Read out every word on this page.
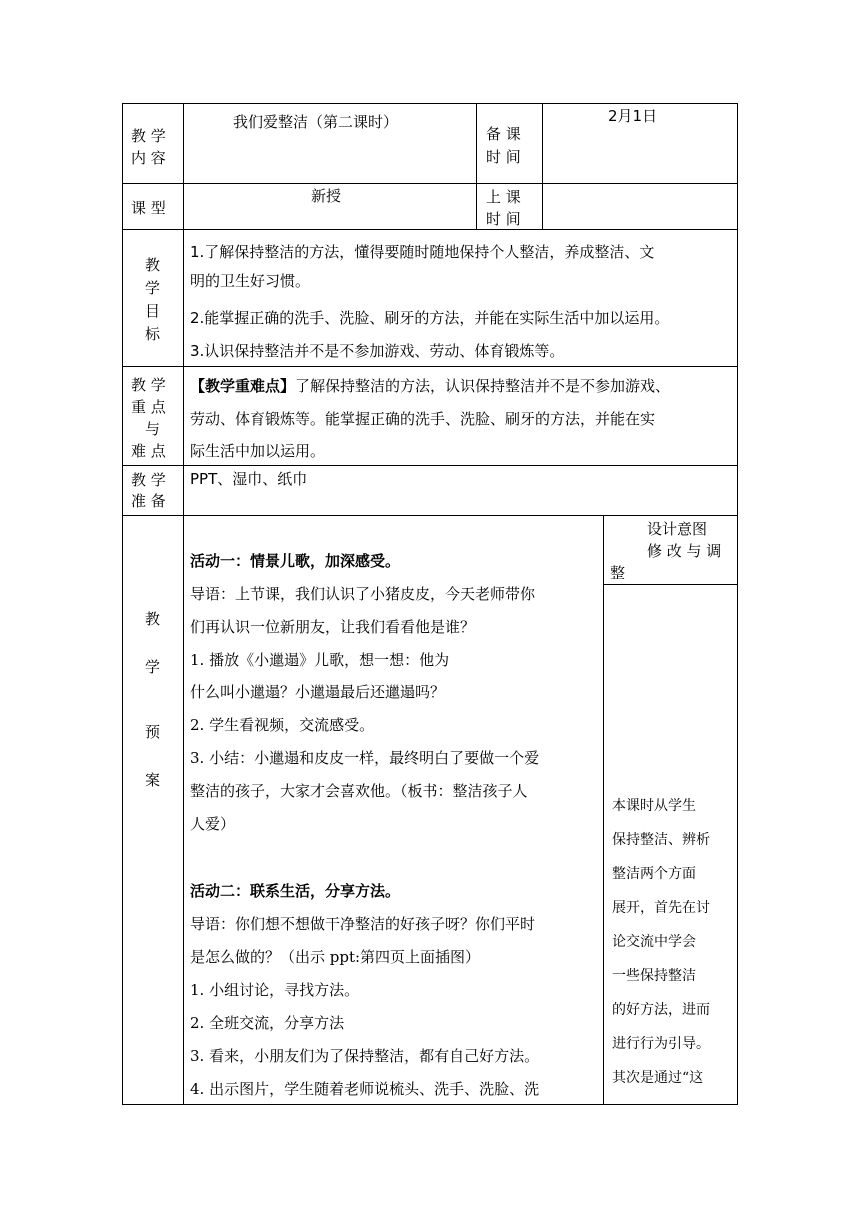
教 学
内 容
我们爱整洁（第二课时）
备 课
时 间
2月1日
课 型
新授	上 课
时 间
教
学
目
标
1.了解保持整洁的方法，懂得要随时随地保持个人整洁，养成整洁、文
明的卫生好习惯。
2.能掌握正确的洗手、洗脸、刷牙的方法，并能在实际生活中加以运用。
3.认识保持整洁并不是不参加游戏、劳动、体育锻炼等。
教 学
重 点
与
难 点
【教学重难点】了解保持整洁的方法，认识保持整洁并不是不参加游戏、
劳动、体育锻炼等。能掌握正确的洗手、洗脸、刷牙的方法，并能在实
际生活中加以运用。
教 学
准 备
PPT、湿巾、纸巾
教
学
预
案
设计意图
修 改 与 调
整
活动一：情景儿歌，加深感受。
导语：上节课，我们认识了小猪皮皮，今天老师带你
们再认识一位新朋友，让我们看看他是谁？
1. 播放《小邋遢》儿歌，想一想：他为
什么叫小邋遢？小邋遢最后还邋遢吗？
2. 学生看视频，交流感受。
3. 小结：小邋遢和皮皮一样，最终明白了要做一个爱
整洁的孩子，大家才会喜欢他。（板书：整洁孩子人
人爱）
活动二：联系生活，分享方法。
导语：你们想不想做干净整洁的好孩子呀？你们平时
是怎么做的？（出示 ppt:第四页上面插图）
1. 小组讨论，寻找方法。
2. 全班交流，分享方法
3. 看来，小朋友们为了保持整洁，都有自己好方法。
4. 出示图片，学生随着老师说梳头、洗手、洗脸、洗
本课时从学生
保持整洁、辨析
整洁两个方面
展开，首先在讨
论交流中学会
一些保持整洁
的好方法，进而
进行行为引导。
其次是通过“这
